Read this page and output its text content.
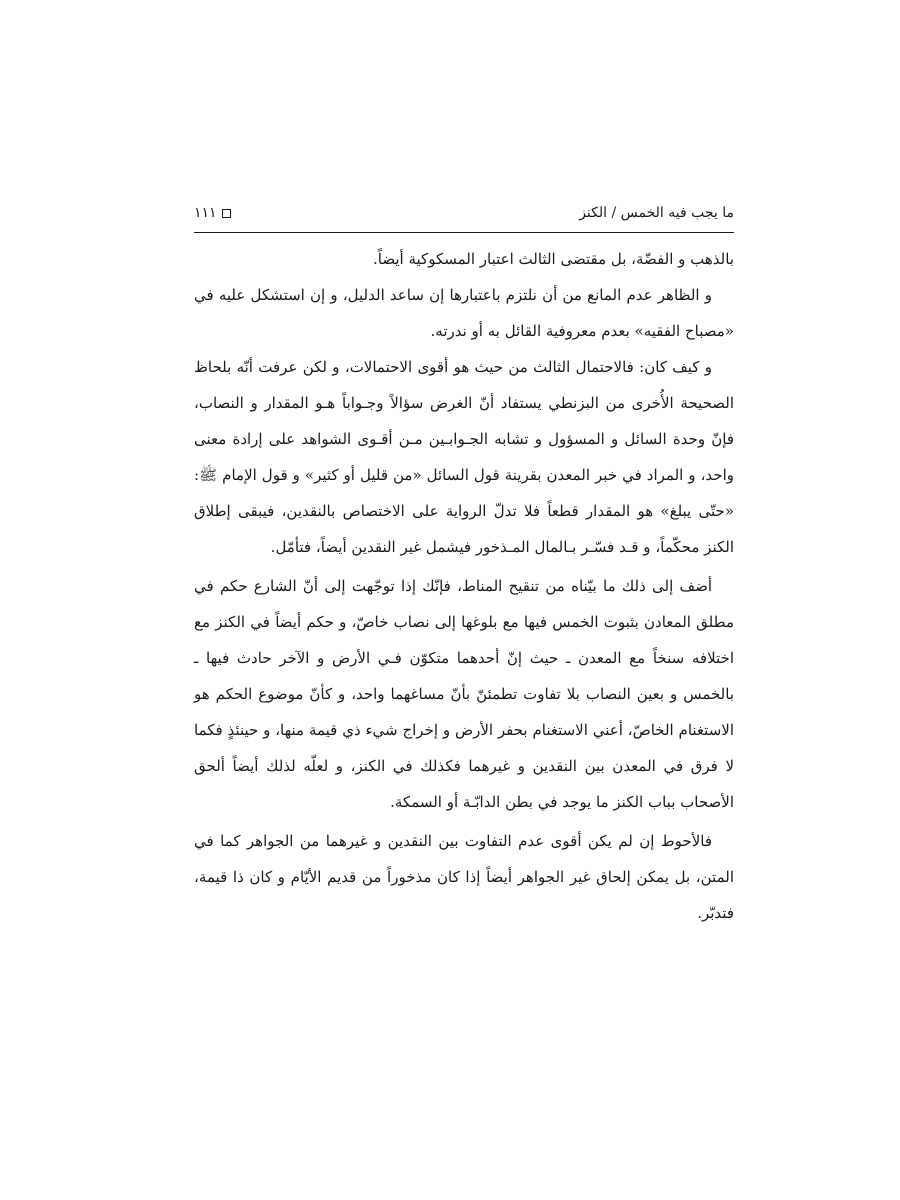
١١١	ما يجب فيه الخمس / الكنز

بالذهب و الفضّة، بل مقتضى الثالث اعتبار المسكوكية أيضاً.

و الظاهر عدم المانع من أن نلتزم باعتبارها إن ساعد الدليل، و إن استشكل عليه في «مصباح الفقيه» بعدم معروفية القائل به أو ندرته.

و كيف كان: فالاحتمال الثالث من حيث هو أقوى الاحتمالات، و لكن عرفت أنّه بلحاظ الصحيحة الأُخرى من البزنطي يستفاد أنّ الغرض سؤالاً وجـواباً هـو المقدار و النصاب، فإنّ وحدة السائل و المسؤول و تشابه الجـوابـين مـن أقـوى الشواهد على إرادة معنى واحد، و المراد في خبر المعدن بقرينة قول السائل «من قليل أو كثير» و قول الإمام ﷺ: «حتّى يبلغ» هو المقدار قطعاً فلا تدلّ الرواية على الاختصاص بالنقدين، فيبقى إطلاق الكنز محكّماً، و قـد فسّـر بـالمال المـذخور فيشمل غير النقدين أيضاً، فتأمّل.

أضف إلى ذلك ما بيّناه من تنقيح المناط، فإنّك إذا توجّهت إلى أنّ الشارع حكم في مطلق المعادن بثبوت الخمس فيها مع بلوغها إلى نصاب خاصّ، و حكم أيضاً في الكنز مع اختلافه سنخاً مع المعدن ـ حيث إنّ أحدهما متكوّن فـي الأرض و الآخر حادث فيها ـ بالخمس و بعين النصاب بلا تفاوت تطمئنّ بأنّ مساغهما واحد، و كأنّ موضوع الحكم هو الاستغنام الخاصّ، أعني الاستغنام بحفر الأرض و إخراج شيء ذي قيمة منها، و حينئذٍ فكما لا فرق في المعدن بين النقدين و غيرهما فكذلك في الكنز، و لعلّه لذلك أيضاً ألحق الأصحاب بباب الكنز ما يوجد في بطن الدابّـة أو السمكة.

فالأحوط إن لم يكن أقوى عدم التفاوت بين النقدين و غيرهما من الجواهر كما في المتن، بل يمكن إلحاق غير الجواهر أيضاً إذا كان مذخوراً من قديم الأيّام و كان ذا قيمة، فتدبّر.
